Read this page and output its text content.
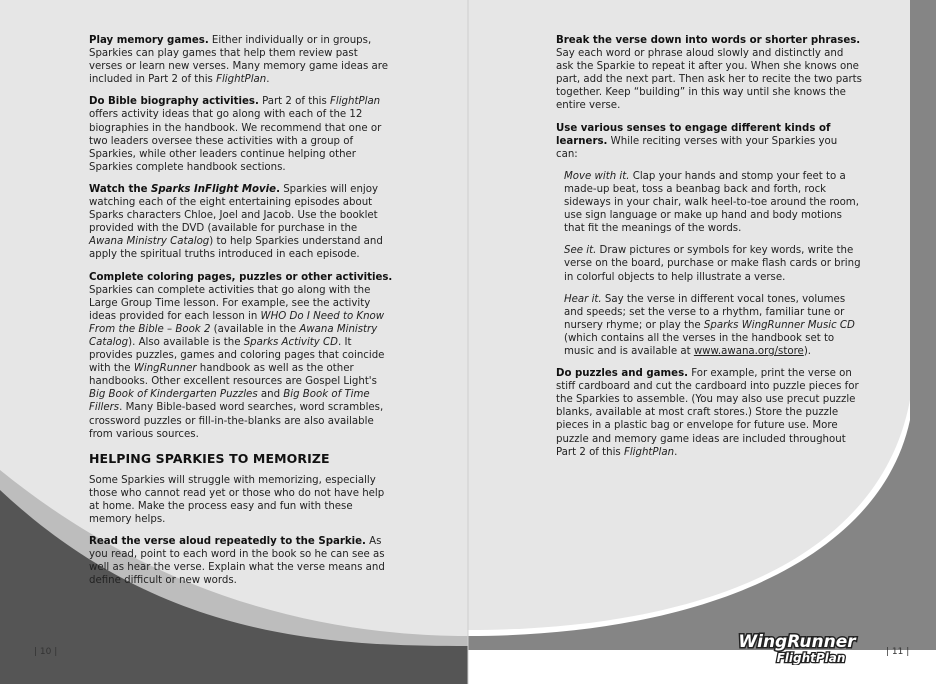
Play memory games. Either individually or in groups, Sparkies can play games that help them review past verses or learn new verses. Many memory game ideas are included in Part 2 of this FlightPlan.

Do Bible biography activities. Part 2 of this FlightPlan offers activity ideas that go along with each of the 12 biographies in the handbook. We recommend that one or two leaders oversee these activities with a group of Sparkies, while other leaders continue helping other Sparkies complete handbook sections.

Watch the Sparks InFlight Movie. Sparkies will enjoy watching each of the eight entertaining episodes about Sparks characters Chloe, Joel and Jacob. Use the booklet provided with the DVD (available for purchase in the Awana Ministry Catalog) to help Sparkies understand and apply the spiritual truths introduced in each episode.

Complete coloring pages, puzzles or other activities. Sparkies can complete activities that go along with the Large Group Time lesson. For example, see the activity ideas provided for each lesson in WHO Do I Need to Know From the Bible – Book 2 (available in the Awana Ministry Catalog). Also available is the Sparks Activity CD. It provides puzzles, games and coloring pages that coincide with the WingRunner handbook as well as the other handbooks. Other excellent resources are Gospel Light's Big Book of Kindergarten Puzzles and Big Book of Time Fillers. Many Bible-based word searches, word scrambles, crossword puzzles or fill-in-the-blanks are also available from various sources.

HELPING SPARKIES TO MEMORIZE

Some Sparkies will struggle with memorizing, especially those who cannot read yet or those who do not have help at home. Make the process easy and fun with these memory helps.

Read the verse aloud repeatedly to the Sparkie. As you read, point to each word in the book so he can see as well as hear the verse. Explain what the verse means and define difficult or new words.

Break the verse down into words or shorter phrases. Say each word or phrase aloud slowly and distinctly and ask the Sparkie to repeat it after you. When she knows one part, add the next part. Then ask her to recite the two parts together. Keep “building” in this way until she knows the entire verse.

Use various senses to engage different kinds of learners. While reciting verses with your Sparkies you can:

Move with it. Clap your hands and stomp your feet to a made-up beat, toss a beanbag back and forth, rock sideways in your chair, walk heel-to-toe around the room, use sign language or make up hand and body motions that fit the meanings of the words.

See it. Draw pictures or symbols for key words, write the verse on the board, purchase or make flash cards or bring in colorful objects to help illustrate a verse.

Hear it. Say the verse in different vocal tones, volumes and speeds; set the verse to a rhythm, familiar tune or nursery rhyme; or play the Sparks WingRunner Music CD (which contains all the verses in the handbook set to music and is available at www.awana.org/store).

Do puzzles and games. For example, print the verse on stiff cardboard and cut the cardboard into puzzle pieces for the Sparkies to assemble. (You may also use precut puzzle blanks, available at most craft stores.) Store the puzzle pieces in a plastic bag or envelope for future use. More puzzle and memory game ideas are included throughout Part 2 of this FlightPlan.

| 10 |	| 11 |
WingRunner
FlightPlan
